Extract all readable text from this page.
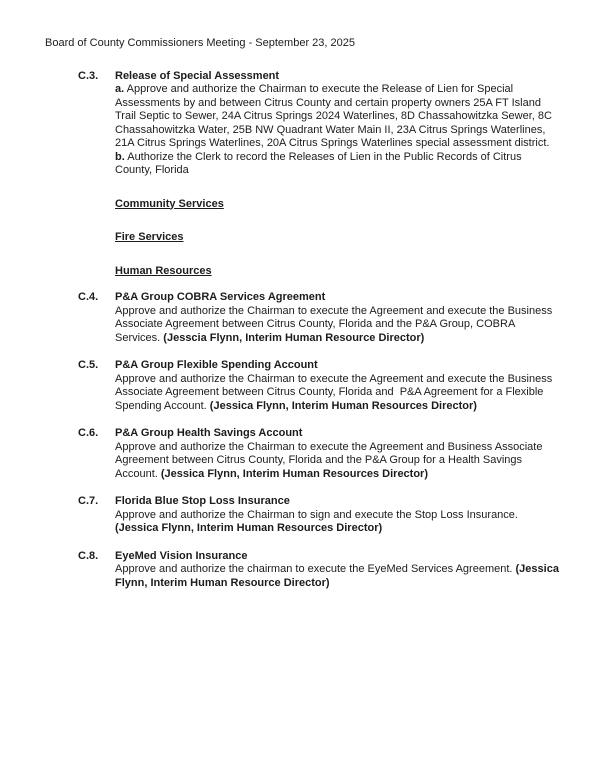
Board of County Commissioners Meeting - September 23, 2025
C.3.	Release of Special Assessment

a. Approve and authorize the Chairman to execute the Release of Lien for Special Assessments by and between Citrus County and certain property owners 25A FT Island Trail Septic to Sewer, 24A Citrus Springs 2024 Waterlines, 8D Chassahowitzka Sewer, 8C Chassahowitzka Water, 25B NW Quadrant Water Main II, 23A Citrus Springs Waterlines, 21A Citrus Springs Waterlines, 20A Citrus Springs Waterlines special assessment district.

b. Authorize the Clerk to record the Releases of Lien in the Public Records of Citrus County, Florida

Community Services
Fire Services
Human Resources
C.4.	P&A Group COBRA Services Agreement

Approve and authorize the Chairman to execute the Agreement and execute the Business Associate Agreement between Citrus County, Florida and the P&A Group, COBRA Services. (Jesscia Flynn, Interim Human Resource Director)

C.5.	P&A Group Flexible Spending Account

Approve and authorize the Chairman to execute the Agreement and execute the Business Associate Agreement between Citrus County, Florida and  P&A Agreement for a Flexible Spending Account. (Jessica Flynn, Interim Human Resources Director)

C.6.	P&A Group Health Savings Account

Approve and authorize the Chairman to execute the Agreement and Business Associate Agreement between Citrus County, Florida and the P&A Group for a Health Savings Account. (Jessica Flynn, Interim Human Resources Director)

C.7.	Florida Blue Stop Loss Insurance

Approve and authorize the Chairman to sign and execute the Stop Loss Insurance. (Jessica Flynn, Interim Human Resources Director)

C.8.	EyeMed Vision Insurance

Approve and authorize the chairman to execute the EyeMed Services Agreement. (Jessica Flynn, Interim Human Resource Director)
